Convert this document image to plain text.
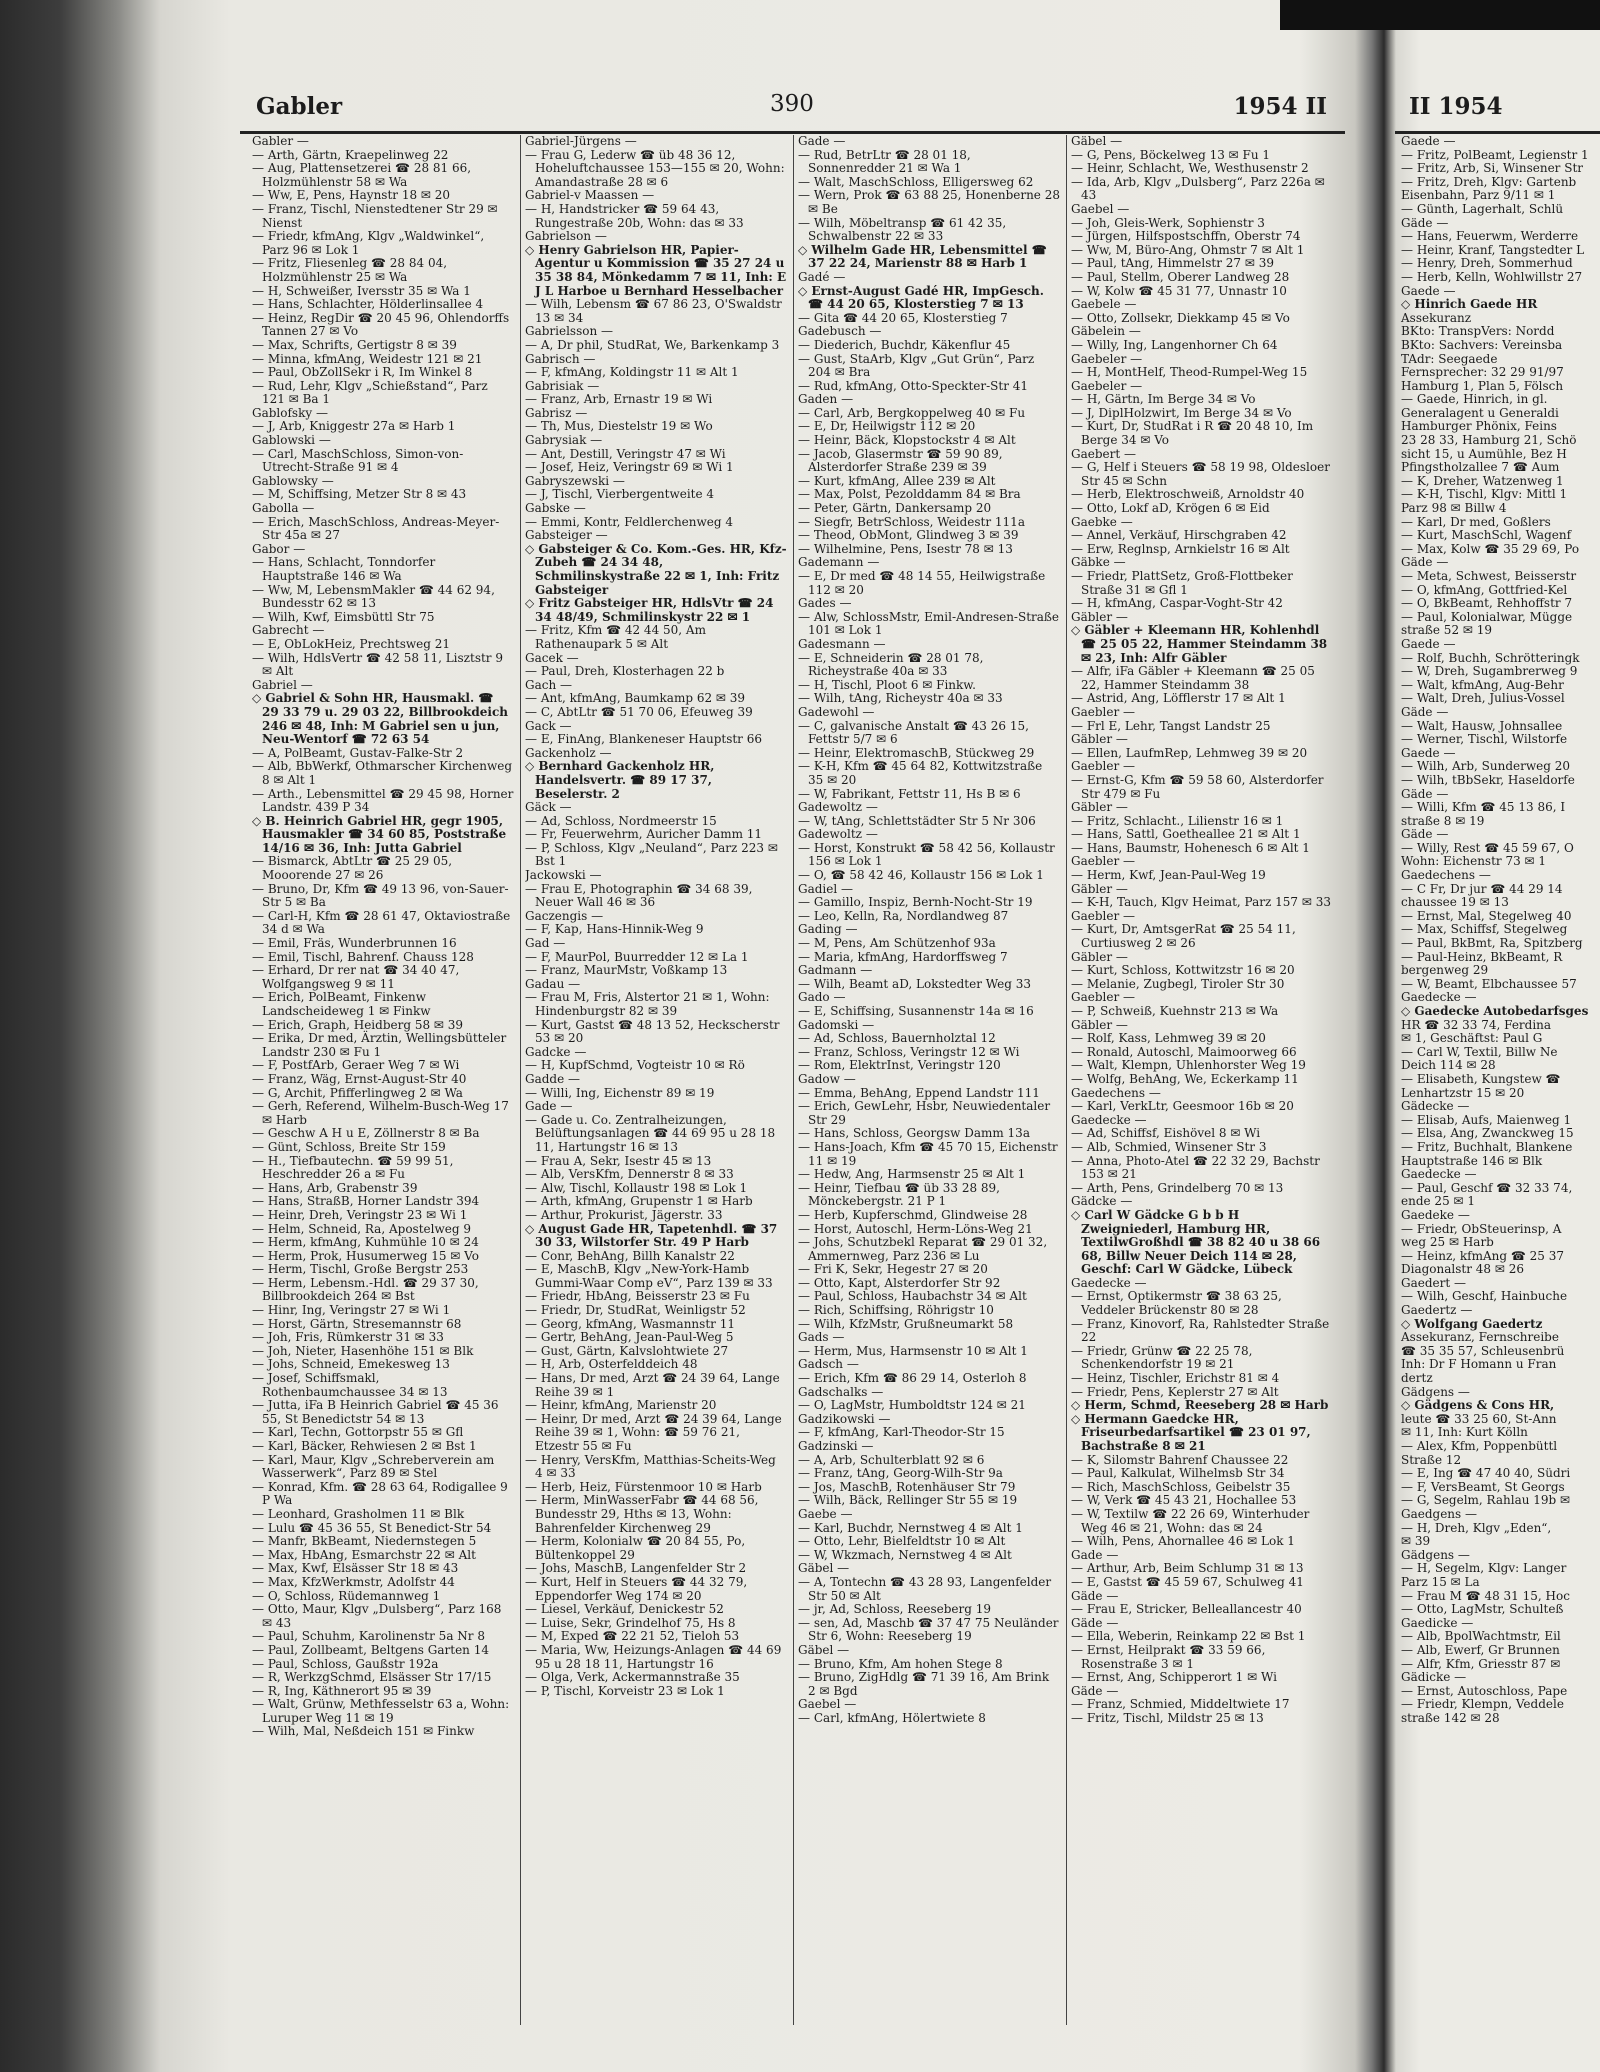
Gabler	390	1954 II
Gabler —
— Arth, Gärtn, Kraepelinweg 22
— Aug, Plattensetzerei ☎ 28 81 66, Holzmühlenstr 58 ✉ Wa
— Ww, E, Pens, Haynstr 18 ✉ 20
— Franz, Tischl, Nienstedtener Str 29 ✉ Nienst
— Friedr, kfmAng, Klgv „Waldwinkel“, Parz 96 ✉ Lok 1
— Fritz, Fliesenleg ☎ 28 84 04, Holzmühlenstr 25 ✉ Wa
— H, Schweißer, Iversstr 35 ✉ Wa 1
— Hans, Schlachter, Hölderlinsallee 4
— Heinz, RegDir ☎ 20 45 96, Ohlendorffs Tannen 27 ✉ Vo
— Max, Schrifts, Gertigstr 8 ✉ 39
— Minna, kfmAng, Weidestr 121 ✉ 21
— Paul, ObZollSekr i R, Im Winkel 8
— Rud, Lehr, Klgv „Schießstand“, Parz 121 ✉ Ba 1
Gablofsky —
— J, Arb, Kniggestr 27a ✉ Harb 1
Gablowski —
— Carl, MaschSchloss, Simon-von-Utrecht-Straße 91 ✉ 4
Gablowsky —
— M, Schiffsing, Metzer Str 8 ✉ 43
Gabolla —
— Erich, MaschSchloss, Andreas-Meyer-Str 45a ✉ 27
Gabor —
— Hans, Schlacht, Tonndorfer Hauptstraße 146 ✉ Wa
— Ww, M, LebensmMakler ☎ 44 62 94, Bundesstr 62 ✉ 13
— Wilh, Kwf, Eimsbüttl Str 75
Gabrecht —
— E, ObLokHeiz, Prechtsweg 21
— Wilh, HdlsVertr ☎ 42 58 11, Lisztstr 9 ✉ Alt
Gabriel —
◇ Gabriel & Sohn HR, Hausmakl. ☎ 29 33 79 u. 29 03 22, Billbrookdeich 246 ✉ 48, Inh: M Gabriel sen u jun, Neu-Wentorf ☎ 72 63 54
— A, PolBeamt, Gustav-Falke-Str 2
— Alb, BbWerkf, Othmarscher Kirchenweg 8 ✉ Alt 1
— Arth., Lebensmittel ☎ 29 45 98, Horner Landstr. 439 P 34
◇ B. Heinrich Gabriel HR, gegr 1905, Hausmakler ☎ 34 60 85, Poststraße 14/16 ✉ 36, Inh: Jutta Gabriel
— Bismarck, AbtLtr ☎ 25 29 05, Mooorende 27 ✉ 26
— Bruno, Dr, Kfm ☎ 49 13 96, von-Sauer-Str 5 ✉ Ba
— Carl-H, Kfm ☎ 28 61 47, Oktaviostraße 34 d ✉ Wa
— Emil, Fräs, Wunderbrunnen 16
— Emil, Tischl, Bahrenf. Chauss 128
— Erhard, Dr rer nat ☎ 34 40 47, Wolfgangsweg 9 ✉ 11
— Erich, PolBeamt, Finkenw Landscheideweg 1 ✉ Finkw
— Erich, Graph, Heidberg 58 ✉ 39
— Erika, Dr med, Ärztin, Wellingsbütteler Landstr 230 ✉ Fu 1
— F, PostfArb, Geraer Weg 7 ✉ Wi
— Franz, Wäg, Ernst-August-Str 40
— G, Archit, Pfifferlingweg 2 ✉ Wa
— Gerh, Referend, Wilhelm-Busch-Weg 17 ✉ Harb
— Geschw A H u E, Zöllnerstr 8 ✉ Ba
— Günt, Schloss, Breite Str 159
— H., Tiefbautechn. ☎ 59 99 51, Heschredder 26 a ✉ Fu
— Hans, Arb, Grabenstr 39
— Hans, StraßB, Horner Landstr 394
— Heinr, Dreh, Veringstr 23 ✉ Wi 1
— Helm, Schneid, Ra, Apostelweg 9
— Herm, kfmAng, Kuhmühle 10 ✉ 24
— Herm, Prok, Husumerweg 15 ✉ Vo
— Herm, Tischl, Große Bergstr 253
— Herm, Lebensm.-Hdl. ☎ 29 37 30, Billbrookdeich 264 ✉ Bst
— Hinr, Ing, Veringstr 27 ✉ Wi 1
— Horst, Gärtn, Stresemannstr 68
— Joh, Fris, Rümkerstr 31 ✉ 33
— Joh, Nieter, Hasenhöhe 151 ✉ Blk
— Johs, Schneid, Emekesweg 13
— Josef, Schiffsmakl, Rothenbaumchaussee 34 ✉ 13
— Jutta, iFa B Heinrich Gabriel ☎ 45 36 55, St Benedictstr 54 ✉ 13
— Karl, Techn, Gottorpstr 55 ✉ Gfl
— Karl, Bäcker, Rehwiesen 2 ✉ Bst 1
— Karl, Maur, Klgv „Schreberverein am Wasserwerk“, Parz 89 ✉ Stel
— Konrad, Kfm. ☎ 28 63 64, Rodigallee 9 P Wa
— Leonhard, Grasholmen 11 ✉ Blk
— Lulu ☎ 45 36 55, St Benedict-Str 54
— Manfr, BkBeamt, Niedernstegen 5
— Max, HbAng, Esmarchstr 22 ✉ Alt
— Max, Kwf, Elsässer Str 18 ✉ 43
— Max, KfzWerkmstr, Adolfstr 44
— O, Schloss, Rüdemannweg 1
— Otto, Maur, Klgv „Dulsberg“, Parz 168 ✉ 43
— Paul, Schuhm, Karolinenstr 5a Nr 8
— Paul, Zollbeamt, Beltgens Garten 14
— Paul, Schloss, Gaußstr 192a
— R, WerkzgSchmd, Elsässer Str 17/15
— R, Ing, Käthnerort 95 ✉ 39
— Walt, Grünw, Methfesselstr 63 a, Wohn: Luruper Weg 11 ✉ 19
— Wilh, Mal, Neßdeich 151 ✉ Finkw
Gabriel-Jürgens —
— Frau G, Lederw ☎ üb 48 36 12, Hoheluftchaussee 153—155 ✉ 20, Wohn: Amandastraße 28 ✉ 6
Gabriel-v Maassen —
— H, Handstricker ☎ 59 64 43, Rungestraße 20b, Wohn: das ✉ 33
Gabrielson —
◇ Henry Gabrielson HR, Papier-Agentur u Kommission ☎ 35 27 24 u 35 38 84, Mönkedamm 7 ✉ 11, Inh: E J L Harboe u Bernhard Hesselbacher
— Wilh, Lebensm ☎ 67 86 23, O'Swaldstr 13 ✉ 34
Gabrielsson —
— A, Dr phil, StudRat, We, Barkenkamp 3
Gabrisch —
— F, kfmAng, Koldingstr 11 ✉ Alt 1
Gabrisiak —
— Franz, Arb, Ernastr 19 ✉ Wi
Gabrisz —
— Th, Mus, Diestelstr 19 ✉ Wo
Gabrysiak —
— Ant, Destill, Veringstr 47 ✉ Wi
— Josef, Heiz, Veringstr 69 ✉ Wi 1
Gabryszewski —
— J, Tischl, Vierbergentweite 4
Gabske —
— Emmi, Kontr, Feldlerchenweg 4
Gabsteiger —
◇ Gabsteiger & Co. Kom.-Ges. HR, Kfz-Zubeh ☎ 24 34 48, Schmilinskystraße 22 ✉ 1, Inh: Fritz Gabsteiger
◇ Fritz Gabsteiger HR, HdlsVtr ☎ 24 34 48/49, Schmilinskystr 22 ✉ 1
— Fritz, Kfm ☎ 42 44 50, Am Rathenaupark 5 ✉ Alt
Gacek —
— Paul, Dreh, Klosterhagen 22 b
Gach —
— Ant, kfmAng, Baumkamp 62 ✉ 39
— C, AbtLtr ☎ 51 70 06, Efeuweg 39
Gack —
— E, FinAng, Blankeneser Hauptstr 66
Gackenholz —
◇ Bernhard Gackenholz HR, Handelsvertr. ☎ 89 17 37, Beselerstr. 2
Gäck —
— Ad, Schloss, Nordmeerstr 15
— Fr, Feuerwehrm, Auricher Damm 11
— P, Schloss, Klgv „Neuland“, Parz 223 ✉ Bst 1
Jackowski —
— Frau E, Photographin ☎ 34 68 39, Neuer Wall 46 ✉ 36
Gaczengis —
— F, Kap, Hans-Hinnik-Weg 9
Gad —
— F, MaurPol, Buurredder 12 ✉ La 1
— Franz, MaurMstr, Voßkamp 13
Gadau —
— Frau M, Fris, Alstertor 21 ✉ 1, Wohn: Hindenburgstr 82 ✉ 39
— Kurt, Gastst ☎ 48 13 52, Heckscherstr 53 ✉ 20
Gadcke —
— H, KupfSchmd, Vogteistr 10 ✉ Rö
Gadde —
— Willi, Ing, Eichenstr 89 ✉ 19
Gade —
— Gade u. Co. Zentralheizungen, Belüftungsanlagen ☎ 44 69 95 u 28 18 11, Hartungstr 16 ✉ 13
— Frau A, Sekr, Isestr 45 ✉ 13
— Alb, VersKfm, Dennerstr 8 ✉ 33
— Alw, Tischl, Kollaustr 198 ✉ Lok 1
— Arth, kfmAng, Grupenstr 1 ✉ Harb
— Arthur, Prokurist, Jägerstr. 33
◇ August Gade HR, Tapetenhdl. ☎ 37 30 33, Wilstorfer Str. 49 P Harb
— Conr, BehAng, Billh Kanalstr 22
— E, MaschB, Klgv „New-York-Hamb Gummi-Waar Comp eV“, Parz 139 ✉ 33
— Friedr, HbAng, Beisserstr 23 ✉ Fu
— Friedr, Dr, StudRat, Weinligstr 52
— Georg, kfmAng, Wasmannstr 11
— Gertr, BehAng, Jean-Paul-Weg 5
— Gust, Gärtn, Kalvslohtwiete 27
— H, Arb, Osterfelddeich 48
— Hans, Dr med, Arzt ☎ 24 39 64, Lange Reihe 39 ✉ 1
— Heinr, kfmAng, Marienstr 20
— Heinr, Dr med, Arzt ☎ 24 39 64, Lange Reihe 39 ✉ 1, Wohn: ☎ 59 76 21, Etzestr 55 ✉ Fu
— Henry, VersKfm, Matthias-Scheits-Weg 4 ✉ 33
— Herb, Heiz, Fürstenmoor 10 ✉ Harb
— Herm, MinWasserFabr ☎ 44 68 56, Bundesstr 29, Hths ✉ 13, Wohn: Bahrenfelder Kirchenweg 29
— Herm, Kolonialw ☎ 20 84 55, Po, Bültenkoppel 29
— Johs, MaschB, Langenfelder Str 2
— Kurt, Helf in Steuers ☎ 44 32 79, Eppendorfer Weg 174 ✉ 20
— Liesel, Verkäuf, Denickestr 52
— Luise, Sekr, Grindelhof 75, Hs 8
— M, Exped ☎ 22 21 52, Tieloh 53
— Maria, Ww, Heizungs-Anlagen ☎ 44 69 95 u 28 18 11, Hartungstr 16
— Olga, Verk, Ackermannstraße 35
— P, Tischl, Korveistr 23 ✉ Lok 1
Gade —
— Rud, BetrLtr ☎ 28 01 18, Sonnenredder 21 ✉ Wa 1
— Walt, MaschSchloss, Elligersweg 62
— Wern, Prok ☎ 63 88 25, Honenberne 28 ✉ Be
— Wilh, Möbeltransp ☎ 61 42 35, Schwalbenstr 22 ✉ 33
◇ Wilhelm Gade HR, Lebensmittel ☎ 37 22 24, Marienstr 88 ✉ Harb 1
Gadé —
◇ Ernst-August Gadé HR, ImpGesch. ☎ 44 20 65, Klosterstieg 7 ✉ 13
— Gita ☎ 44 20 65, Klosterstieg 7
Gadebusch —
— Diederich, Buchdr, Käkenflur 45
— Gust, StaArb, Klgv „Gut Grün“, Parz 204 ✉ Bra
— Rud, kfmAng, Otto-Speckter-Str 41
Gaden —
— Carl, Arb, Bergkoppelweg 40 ✉ Fu
— E, Dr, Heilwigstr 112 ✉ 20
— Heinr, Bäck, Klopstockstr 4 ✉ Alt
— Jacob, Glasermstr ☎ 59 90 89, Alsterdorfer Straße 239 ✉ 39
— Kurt, kfmAng, Allee 239 ✉ Alt
— Max, Polst, Pezolddamm 84 ✉ Bra
— Peter, Gärtn, Dankersamp 20
— Siegfr, BetrSchloss, Weidestr 111a
— Theod, ObMont, Glindweg 3 ✉ 39
— Wilhelmine, Pens, Isestr 78 ✉ 13
Gademann —
— E, Dr med ☎ 48 14 55, Heilwigstraße 112 ✉ 20
Gades —
— Alw, SchlossMstr, Emil-Andresen-Straße 101 ✉ Lok 1
Gadesmann —
— E, Schneiderin ☎ 28 01 78, Richeystraße 40a ✉ 33
— H, Tischl, Ploot 6 ✉ Finkw.
— Wilh, tAng, Richeystr 40a ✉ 33
Gadewohl —
— C, galvanische Anstalt ☎ 43 26 15, Fettstr 5/7 ✉ 6
— Heinr, ElektromaschB, Stückweg 29
— K-H, Kfm ☎ 45 64 82, Kottwitzstraße 35 ✉ 20
— W, Fabrikant, Fettstr 11, Hs B ✉ 6
Gadewoltz —
— W, tAng, Schlettstädter Str 5 Nr 306
Gadewoltz —
— Horst, Konstrukt ☎ 58 42 56, Kollaustr 156 ✉ Lok 1
— O, ☎ 58 42 46, Kollaustr 156 ✉ Lok 1
Gadiel —
— Gamillo, Inspiz, Bernh-Nocht-Str 19
— Leo, Kelln, Ra, Nordlandweg 87
Gading —
— M, Pens, Am Schützenhof 93a
— Maria, kfmAng, Hardorffsweg 7
Gadmann —
— Wilh, Beamt aD, Lokstedter Weg 33
Gado —
— E, Schiffsing, Susannenstr 14a ✉ 16
Gadomski —
— Ad, Schloss, Bauernholztal 12
— Franz, Schloss, Veringstr 12 ✉ Wi
— Rom, ElektrInst, Veringstr 120
Gadow —
— Emma, BehAng, Eppend Landstr 111
— Erich, GewLehr, Hsbr, Neuwiedentaler Str 29
— Hans, Schloss, Georgsw Damm 13a
— Hans-Joach, Kfm ☎ 45 70 15, Eichenstr 11 ✉ 19
— Hedw, Ang, Harmsenstr 25 ✉ Alt 1
— Heinr, Tiefbau ☎ üb 33 28 89, Mönckebergstr. 21 P 1
— Herb, Kupferschmd, Glindweise 28
— Horst, Autoschl, Herm-Löns-Weg 21
— Johs, Schutzbekl Reparat ☎ 29 01 32, Ammernweg, Parz 236 ✉ Lu
— Fri K, Sekr, Hegestr 27 ✉ 20
— Otto, Kapt, Alsterdorfer Str 92
— Paul, Schloss, Haubachstr 34 ✉ Alt
— Rich, Schiffsing, Röhrigstr 10
— Wilh, KfzMstr, Grußneumarkt 58
Gads —
— Herm, Mus, Harmsenstr 10 ✉ Alt 1
Gadsch —
— Erich, Kfm ☎ 86 29 14, Osterloh 8
Gadschalks —
— O, LagMstr, Humboldtstr 124 ✉ 21
Gadzikowski —
— F, kfmAng, Karl-Theodor-Str 15
Gadzinski —
— A, Arb, Schulterblatt 92 ✉ 6
— Franz, tAng, Georg-Wilh-Str 9a
— Jos, MaschB, Rotenhäuser Str 79
— Wilh, Bäck, Rellinger Str 55 ✉ 19
Gaebe —
— Karl, Buchdr, Nernstweg 4 ✉ Alt 1
— Otto, Lehr, Bielfeldtstr 10 ✉ Alt
— W, Wkzmach, Nernstweg 4 ✉ Alt
Gäbel —
— A, Tontechn ☎ 43 28 93, Langenfelder Str 50 ✉ Alt
— jr, Ad, Schloss, Reeseberg 19
— sen, Ad, Maschb ☎ 37 47 75 Neuländer Str 6, Wohn: Reeseberg 19
Gäbel —
— Bruno, Kfm, Am hohen Stege 8
— Bruno, ZigHdlg ☎ 71 39 16, Am Brink 2 ✉ Bgd
Gaebel —
— Carl, kfmAng, Hölertwiete 8
Gäbel —
— G, Pens, Böckelweg 13 ✉ Fu 1
— Heinr, Schlacht, We, Westhusenstr 2
— Ida, Arb, Klgv „Dulsberg“, Parz 226a ✉ 43
Gaebel —
— Joh, Gleis-Werk, Sophienstr 3
— Jürgen, Hilfspostschffn, Oberstr 74
— Ww, M, Büro-Ang, Ohmstr 7 ✉ Alt 1
— Paul, tAng, Himmelstr 27 ✉ 39
— Paul, Stellm, Oberer Landweg 28
— W, Kolw ☎ 45 31 77, Unnastr 10
Gaebele —
— Otto, Zollsekr, Diekkamp 45 ✉ Vo
Gäbelein —
— Willy, Ing, Langenhorner Ch 64
Gaebeler —
— H, MontHelf, Theod-Rumpel-Weg 15
Gaebeler —
— H, Gärtn, Im Berge 34 ✉ Vo
— J, DiplHolzwirt, Im Berge 34 ✉ Vo
— Kurt, Dr, StudRat i R ☎ 20 48 10, Im Berge 34 ✉ Vo
Gaebert —
— G, Helf i Steuers ☎ 58 19 98, Oldesloer Str 45 ✉ Schn
— Herb, Elektroschweiß, Arnoldstr 40
— Otto, Lokf aD, Krögen 6 ✉ Eid
Gaebke —
— Annel, Verkäuf, Hirschgraben 42
— Erw, Reglnsp, Arnkielstr 16 ✉ Alt
Gäbke —
— Friedr, PlattSetz, Groß-Flottbeker Straße 31 ✉ Gfl 1
— H, kfmAng, Caspar-Voght-Str 42
Gäbler —
◇ Gäbler + Kleemann HR, Kohlenhdl ☎ 25 05 22, Hammer Steindamm 38 ✉ 23, Inh: Alfr Gäbler
— Alfr, iFa Gäbler + Kleemann ☎ 25 05 22, Hammer Steindamm 38
— Astrid, Ang, Löfflerstr 17 ✉ Alt 1
Gaebler —
— Frl E, Lehr, Tangst Landstr 25
Gäbler —
— Ellen, LaufmRep, Lehmweg 39 ✉ 20
Gaebler —
— Ernst-G, Kfm ☎ 59 58 60, Alsterdorfer Str 479 ✉ Fu
Gäbler —
— Fritz, Schlacht., Lilienstr 16 ✉ 1
— Hans, Sattl, Goetheallee 21 ✉ Alt 1
— Hans, Baumstr, Hohenesch 6 ✉ Alt 1
Gaebler —
— Herm, Kwf, Jean-Paul-Weg 19
Gäbler —
— K-H, Tauch, Klgv Heimat, Parz 157 ✉ 33
Gaebler —
— Kurt, Dr, AmtsgerRat ☎ 25 54 11, Curtiusweg 2 ✉ 26
Gäbler —
— Kurt, Schloss, Kottwitzstr 16 ✉ 20
— Melanie, Zugbegl, Tiroler Str 30
Gaebler —
— P, Schweiß, Kuehnstr 213 ✉ Wa
Gäbler —
— Rolf, Kass, Lehmweg 39 ✉ 20
— Ronald, Autoschl, Maimoorweg 66
— Walt, Klempn, Uhlenhorster Weg 19
— Wolfg, BehAng, We, Eckerkamp 11
Gaedechens —
— Karl, VerkLtr, Geesmoor 16b ✉ 20
Gaedecke —
— Ad, Schiffsf, Eishövel 8 ✉ Wi
— Alb, Schmied, Winsener Str 3
— Anna, Photo-Atel ☎ 22 32 29, Bachstr 153 ✉ 21
— Arth, Pens, Grindelberg 70 ✉ 13
Gädcke —
◇ Carl W Gädcke G b b H Zweigniederl, Hamburg HR, TextilwGroßhdl ☎ 38 82 40 u 38 66 68, Billw Neuer Deich 114 ✉ 28, Geschf: Carl W Gädcke, Lübeck
Gaedecke —
— Ernst, Optikermstr ☎ 38 63 25, Veddeler Brückenstr 80 ✉ 28
— Franz, Kinovorf, Ra, Rahlstedter Straße 22
— Friedr, Grünw ☎ 22 25 78, Schenkendorfstr 19 ✉ 21
— Heinz, Tischler, Erichstr 81 ✉ 4
— Friedr, Pens, Keplerstr 27 ✉ Alt
◇ Herm, Schmd, Reeseberg 28 ✉ Harb
◇ Hermann Gaedcke HR, Friseurbedarfsartikel ☎ 23 01 97, Bachstraße 8 ✉ 21
— K, Silomstr Bahrenf Chaussee 22
— Paul, Kalkulat, Wilhelmsb Str 34
— Rich, MaschSchloss, Geibelstr 35
— W, Verk ☎ 45 43 21, Hochallee 53
— W, Textilw ☎ 22 26 69, Winterhuder Weg 46 ✉ 21, Wohn: das ✉ 24
— Wilh, Pens, Ahornallee 46 ✉ Lok 1
Gade —
— Arthur, Arb, Beim Schlump 31 ✉ 13
— E, Gastst ☎ 45 59 67, Schulweg 41
Gäde —
— Frau E, Stricker, Belleallancestr 40
Gäde —
— Ella, Weberin, Reinkamp 22 ✉ Bst 1
— Ernst, Heilprakt ☎ 33 59 66, Rosenstraße 3 ✉ 1
— Ernst, Ang, Schipperort 1 ✉ Wi
Gäde —
— Franz, Schmied, Middeltwiete 17
— Fritz, Tischl, Mildstr 25 ✉ 13
II 1954
Gaede —
— Fritz, PolBeamt, Legienstr 1
— Fritz, Arb, Si, Winsener Str
— Fritz, Dreh, Klgv: Gartenb
Eisenbahn, Parz 9/11 ✉ 1
— Günth, Lagerhalt, Schlü
Gäde —
— Hans, Feuerwm, Werderre
— Heinr, Kranf, Tangstedter L
— Henry, Dreh, Sommerhud
— Herb, Kelln, Wohlwillstr 27
Gaede —
◇ Hinrich Gaede HR
Assekuranz
BKto: TranspVers: Nordd
BKto: Sachvers: Vereinsba
TAdr: Seegaede
Fernsprecher: 32 29 91/97
Hamburg 1, Plan 5, Fölsch
— Gaede, Hinrich, in gl.
Generalagent u Generaldi
Hamburger Phönix, Feins
23 28 33, Hamburg 21, Schö
sicht 15, u Aumühle, Bez H
Pfingstholzallee 7 ☎ Aum
— K, Dreher, Watzenweg 1
— K-H, Tischl, Klgv: Mittl 1
Parz 98 ✉ Billw 4
— Karl, Dr med, Goßlers
— Kurt, MaschSchl, Wagenf
— Max, Kolw ☎ 35 29 69, Po
Gäde —
— Meta, Schwest, Beisserstr
— O, kfmAng, Gottfried-Kel
— O, BkBeamt, Rehhoffstr 7
— Paul, Kolonialwar, Mügge
straße 52 ✉ 19
Gaede —
— Rolf, Buchh, Schrötteringk
— W, Dreh, Sugambrerweg 9
— Walt, kfmAng, Aug-Behr
— Walt, Dreh, Julius-Vossel
Gäde —
— Walt, Hausw, Johnsallee
— Werner, Tischl, Wilstorfe
Gaede —
— Wilh, Arb, Sunderweg 20
— Wilh, tBbSekr, Haseldorfe
Gäde —
— Willi, Kfm ☎ 45 13 86, I
straße 8 ✉ 19
Gäde —
— Willy, Rest ☎ 45 59 67, O
Wohn: Eichenstr 73 ✉ 1
Gaedechens —
— C Fr, Dr jur ☎ 44 29 14
chaussee 19 ✉ 13
— Ernst, Mal, Stegelweg 40
— Max, Schiffsf, Stegelweg
— Paul, BkBmt, Ra, Spitzberg
— Paul-Heinz, BkBeamt, R
bergenweg 29
— W, Beamt, Elbchaussee 57
Gaedecke —
◇ Gaedecke Autobedarfsges
HR ☎ 32 33 74, Ferdina
✉ 1, Geschäftst: Paul G
— Carl W, Textil, Billw Ne
Deich 114 ✉ 28
— Elisabeth, Kungstew ☎
Lenhartzstr 15 ✉ 20
Gädecke —
— Elisab, Aufs, Maienweg 1
— Elsa, Ang, Zwanckweg 15
— Fritz, Buchhalt, Blankene
Hauptstraße 146 ✉ Blk
Gaedecke —
— Paul, Geschf ☎ 32 33 74,
ende 25 ✉ 1
Gaedeke —
— Friedr, ObSteuerinsp, A
weg 25 ✉ Harb
— Heinz, kfmAng ☎ 25 37
Diagonalstr 48 ✉ 26
Gaedert —
— Wilh, Geschf, Hainbuche
Gaedertz —
◇ Wolfgang Gaedertz
Assekuranz, Fernschreibe
☎ 35 35 57, Schleusenbrü
Inh: Dr F Homann u Fran
dertz
Gädgens —
◇ Gädgens & Cons HR,
leute ☎ 33 25 60, St-Ann
✉ 11, Inh: Kurt Kölln
— Alex, Kfm, Poppenbüttl
Straße 12
— E, Ing ☎ 47 40 40, Südri
— F, VersBeamt, St Georgs
— G, Segelm, Rahlau 19b ✉
Gaedgens —
— H, Dreh, Klgv „Eden“,
✉ 39
Gädgens —
— H, Segelm, Klgv: Langer
Parz 15 ✉ La
— Frau M ☎ 48 31 15, Hoc
— Otto, LagMstr, Schulteß
Gaedicke —
— Alb, BpolWachtmstr, Eil
— Alb, Ewerf, Gr Brunnen
— Alfr, Kfm, Griesstr 87 ✉
Gädicke —
— Ernst, Autoschloss, Pape
— Friedr, Klempn, Veddele
straße 142 ✉ 28
